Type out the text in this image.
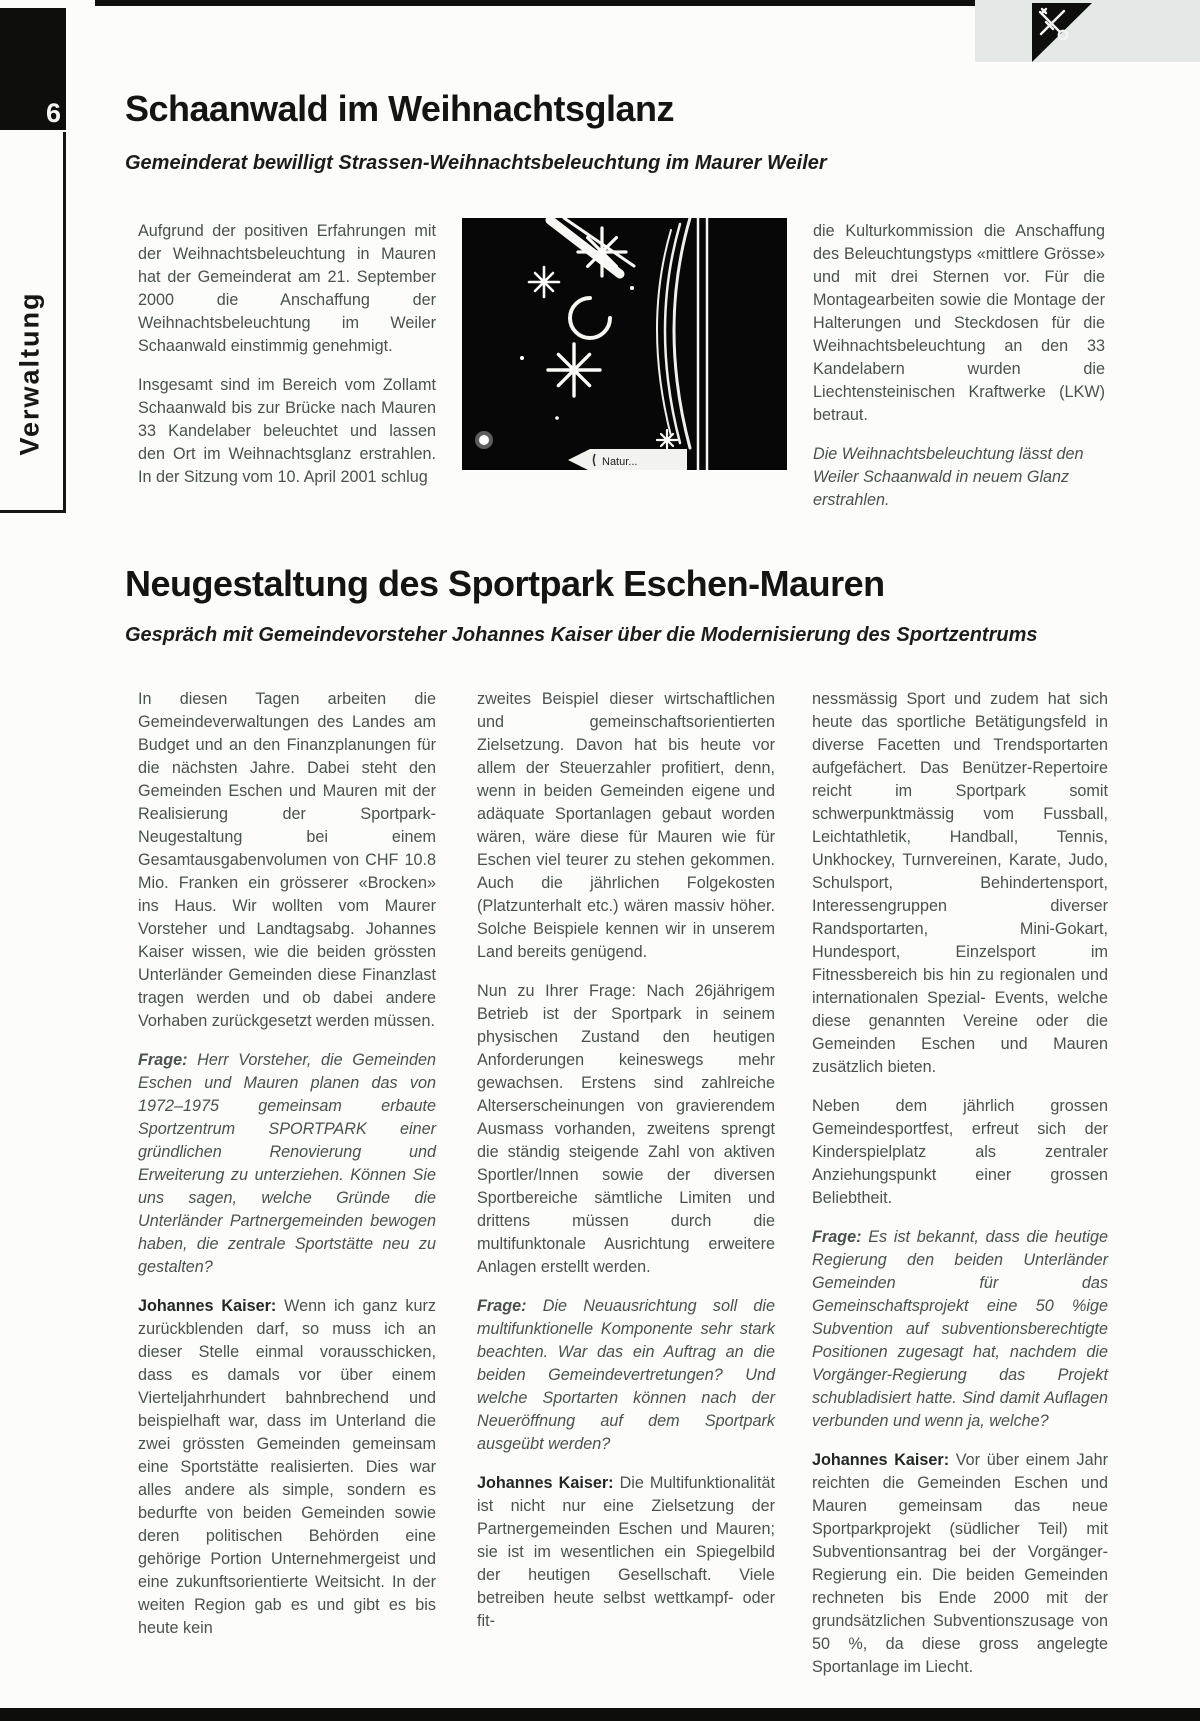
6
Verwaltung
Schaanwald im Weihnachtsglanz
Gemeinderat bewilligt Strassen-Weihnachtsbeleuchtung im Maurer Weiler

Aufgrund der positiven Erfahrungen mit der Weihnachtsbeleuchtung in Mauren hat der Gemeinderat am 21. September 2000 die Anschaffung der Weihnachtsbeleuchtung im Weiler Schaanwald einstimmig genehmigt.

Insgesamt sind im Bereich vom Zollamt Schaanwald bis zur Brücke nach Mauren 33 Kandelaber beleuchtet und lassen den Ort im Weihnachtsglanz erstrahlen. In der Sitzung vom 10. April 2001 schlug

Natur...

die Kulturkommission die Anschaffung des Beleuchtungstyps «mittlere Grösse» und mit drei Sternen vor. Für die Montagearbeiten sowie die Montage der Halterungen und Steckdosen für die Weihnachtsbeleuchtung an den 33 Kandelabern wurden die Liechtensteinischen Kraftwerke (LKW) betraut.

Die Weihnachtsbeleuchtung lässt den Weiler Schaanwald in neuem Glanz erstrahlen.

Neugestaltung des Sportpark Eschen-Mauren
Gespräch mit Gemeindevorsteher Johannes Kaiser über die Modernisierung des Sportzentrums

In diesen Tagen arbeiten die Gemeindeverwaltungen des Landes am Budget und an den Finanzplanungen für die nächsten Jahre. Dabei steht den Gemeinden Eschen und Mauren mit der Realisierung der Sportpark-Neugestaltung bei einem Gesamtausgabenvolumen von CHF 10.8 Mio. Franken ein grösserer «Brocken» ins Haus. Wir wollten vom Maurer Vorsteher und Landtagsabg. Johannes Kaiser wissen, wie die beiden grössten Unterländer Gemeinden diese Finanzlast tragen werden und ob dabei andere Vorhaben zurückgesetzt werden müssen.

Frage: Herr Vorsteher, die Gemeinden Eschen und Mauren planen das von 1972–1975 gemeinsam erbaute Sportzentrum SPORTPARK einer gründlichen Renovierung und Erweiterung zu unterziehen. Können Sie uns sagen, welche Gründe die Unterländer Partnergemeinden bewogen haben, die zentrale Sportstätte neu zu gestalten?

Johannes Kaiser: Wenn ich ganz kurz zurückblenden darf, so muss ich an dieser Stelle einmal vorausschicken, dass es damals vor über einem Vierteljahrhundert bahnbrechend und beispielhaft war, dass im Unterland die zwei grössten Gemeinden gemeinsam eine Sportstätte realisierten. Dies war alles andere als simple, sondern es bedurfte von beiden Gemeinden sowie deren politischen Behörden eine gehörige Portion Unternehmergeist und eine zukunftsorientierte Weitsicht. In der weiten Region gab es und gibt es bis heute kein

zweites Beispiel dieser wirtschaftlichen und gemeinschaftsorientierten Zielsetzung. Davon hat bis heute vor allem der Steuerzahler profitiert, denn, wenn in beiden Gemeinden eigene und adäquate Sportanlagen gebaut worden wären, wäre diese für Mauren wie für Eschen viel teurer zu stehen gekommen. Auch die jährlichen Folgekosten (Platzunterhalt etc.) wären massiv höher. Solche Beispiele kennen wir in unserem Land bereits genügend.

Nun zu Ihrer Frage: Nach 26jährigem Betrieb ist der Sportpark in seinem physischen Zustand den heutigen Anforderungen keineswegs mehr gewachsen. Erstens sind zahlreiche Alterserscheinungen von gravierendem Ausmass vorhanden, zweitens sprengt die ständig steigende Zahl von aktiven Sportler/Innen sowie der diversen Sportbereiche sämtliche Limiten und drittens müssen durch die multifunktonale Ausrichtung erweitere Anlagen erstellt werden.

Frage: Die Neuausrichtung soll die multifunktionelle Komponente sehr stark beachten. War das ein Auftrag an die beiden Gemeindevertretungen? Und welche Sportarten können nach der Neueröffnung auf dem Sportpark ausgeübt werden?

Johannes Kaiser: Die Multifunktionalität ist nicht nur eine Zielsetzung der Partnergemeinden Eschen und Mauren; sie ist im wesentlichen ein Spiegelbild der heutigen Gesellschaft. Viele betreiben heute selbst wettkampf- oder fit-

nessmässig Sport und zudem hat sich heute das sportliche Betätigungsfeld in diverse Facetten und Trendsportarten aufgefächert. Das Benützer-Repertoire reicht im Sportpark somit schwerpunktmässig vom Fussball, Leichtathletik, Handball, Tennis, Unkhockey, Turnvereinen, Karate, Judo, Schulsport, Behindertensport, Interessengruppen diverser Randsportarten, Mini-Gokart, Hundesport, Einzelsport im Fitnessbereich bis hin zu regionalen und internationalen Spezial- Events, welche diese genannten Vereine oder die Gemeinden Eschen und Mauren zusätzlich bieten.

Neben dem jährlich grossen Gemeindesportfest, erfreut sich der Kinderspielplatz als zentraler Anziehungspunkt einer grossen Beliebtheit.

Frage: Es ist bekannt, dass die heutige Regierung den beiden Unterländer Gemeinden für das Gemeinschaftsprojekt eine 50 %ige Subvention auf subventionsberechtigte Positionen zugesagt hat, nachdem die Vorgänger-Regierung das Projekt schubladisiert hatte. Sind damit Auflagen verbunden und wenn ja, welche?

Johannes Kaiser: Vor über einem Jahr reichten die Gemeinden Eschen und Mauren gemeinsam das neue Sportparkprojekt (südlicher Teil) mit Subventionsantrag bei der Vorgänger-Regierung ein. Die beiden Gemeinden rechneten bis Ende 2000 mit der grundsätzlichen Subventionszusage von 50 %, da diese gross angelegte Sportanlage im Liecht.
